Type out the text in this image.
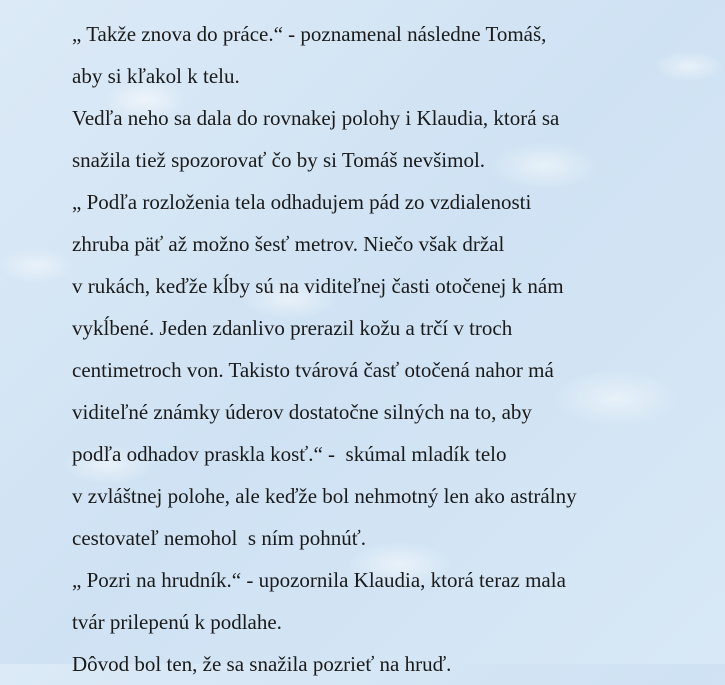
„ Takže znova do práce.“ - poznamenal následne Tomáš,

aby si kľakol k telu.

Vedľa neho sa dala do rovnakej polohy i Klaudia, ktorá sa

snažila tiež spozorovať čo by si Tomáš nevšimol.

„ Podľa rozloženia tela odhadujem pád zo vzdialenosti

zhruba päť až možno šesť metrov. Niečo však držal

v rukách, keďže kĺby sú na viditeľnej časti otočenej k nám

vykĺbené. Jeden zdanlivo prerazil kožu a trčí v troch

centimetroch von. Takisto tvárová časť otočená nahor má

viditeľné známky úderov dostatočne silných na to, aby

podľa odhadov praskla kosť.“ -  skúmal mladík telo

v zvláštnej polohe, ale keďže bol nehmotný len ako astrálny

cestovateľ nemohol  s ním pohnúť.

„ Pozri na hrudník.“ - upozornila Klaudia, ktorá teraz mala

tvár prilepenú k podlahe.

Dôvod bol ten, že sa snažila pozrieť na hruď.
